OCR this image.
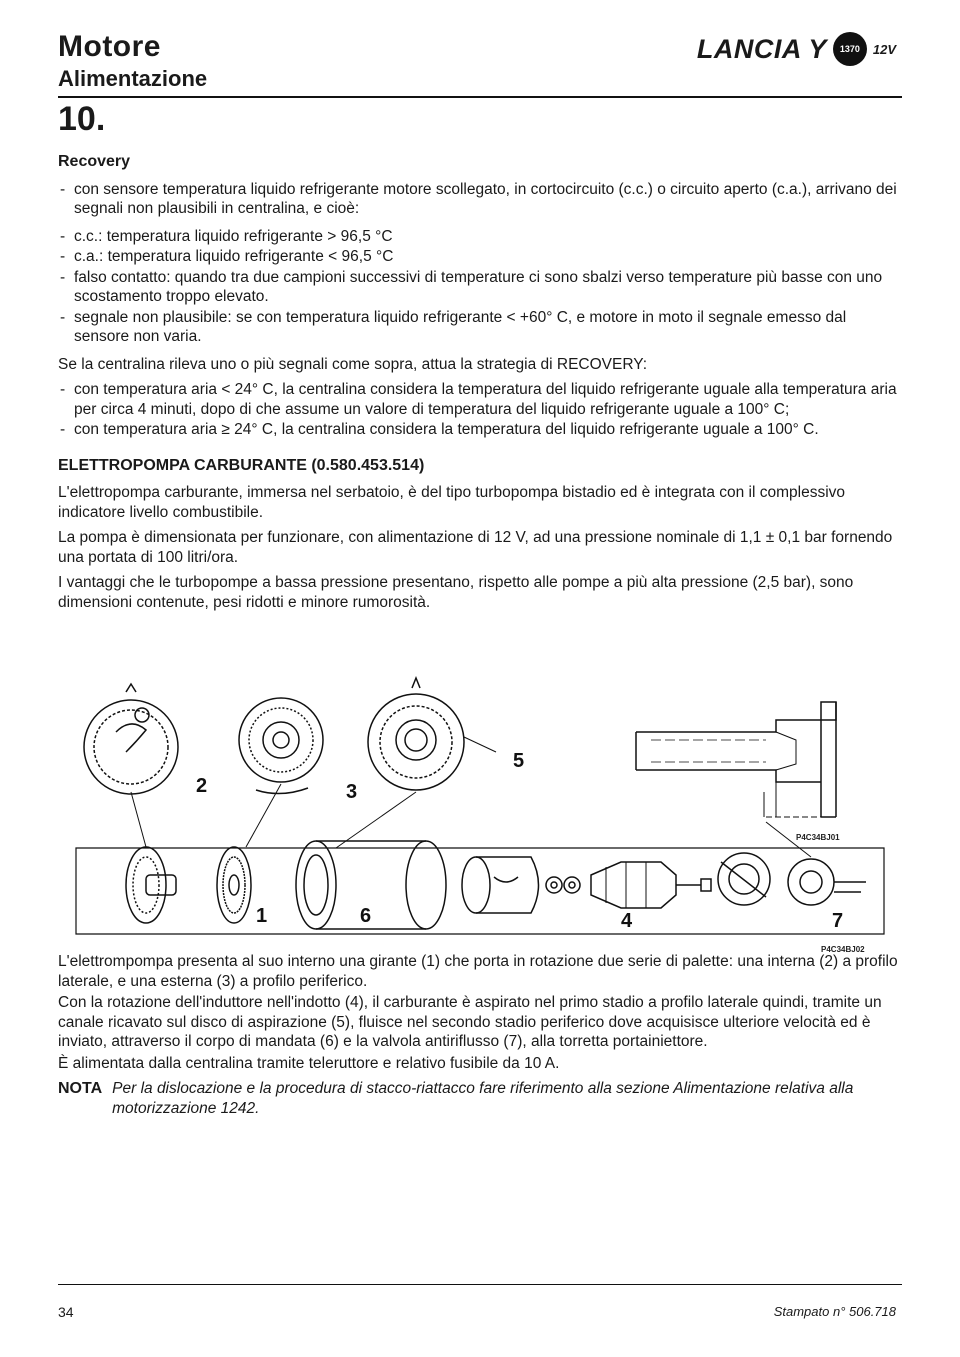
Motore
Alimentazione
LANCIA Y	1370 12V
10.
Recovery
- con sensore temperatura liquido refrigerante motore scollegato, in cortocircuito (c.c.) o circuito aperto (c.a.), arrivano dei segnali non plausibili in centralina, e cioè:
- c.c.: temperatura liquido refrigerante > 96,5 °C
- c.a.: temperatura liquido refrigerante < 96,5 °C
- falso contatto: quando tra due campioni successivi di temperature ci sono sbalzi verso temperature più basse con uno scostamento troppo elevato.
- segnale non plausibile: se con temperatura liquido refrigerante < +60° C, e motore in moto il segnale emesso dal sensore non varia.

Se la centralina rileva uno o più segnali come sopra, attua la strategia di RECOVERY:

- con temperatura aria < 24° C, la centralina considera la temperatura del liquido refrigerante uguale alla temperatura aria per circa 4 minuti, dopo di che assume un valore di temperatura del liquido refrigerante uguale a 100° C;
- con temperatura aria ≥ 24° C, la centralina considera la temperatura del liquido refrigerante uguale a 100° C.
ELETTROPOMPA CARBURANTE (0.580.453.514)

L'elettropompa carburante, immersa nel serbatoio, è del tipo turbopompa bistadio ed è integrata con il complessivo indicatore livello combustibile.

La pompa è dimensionata per funzionare, con alimentazione di 12 V, ad una pressione nominale di 1,1 ± 0,1 bar fornendo una portata di 100 litri/ora.

I vantaggi che le turbopompe a bassa pressione presentano, rispetto alle pompe a più alta pressione (2,5 bar), sono dimensioni contenute, pesi ridotti e minore rumorosità.

P4C34BJ01
P4C34BJ02
1
2	3
4
5
6	7

L'elettrompompa presenta al suo interno una girante (1) che porta in rotazione due serie di palette: una interna (2) a profilo laterale, e una esterna (3) a profilo periferico.

Con la rotazione dell'induttore nell'indotto (4), il carburante è aspirato nel primo stadio a profilo laterale quindi, tramite un canale ricavato sul disco di aspirazione (5), fluisce nel secondo stadio periferico dove acquisisce ulteriore velocità ed è inviato, attraverso il corpo di mandata (6) e la valvola antiriflusso (7), alla torretta portainiettore.

È alimentata dalla centralina tramite teleruttore e relativo fusibile da 10 A.

NOTA Per la dislocazione e la procedura di stacco-riattacco fare riferimento alla sezione Alimentazione relativa alla motorizzazione 1242.
34	Stampato n° 506.718
